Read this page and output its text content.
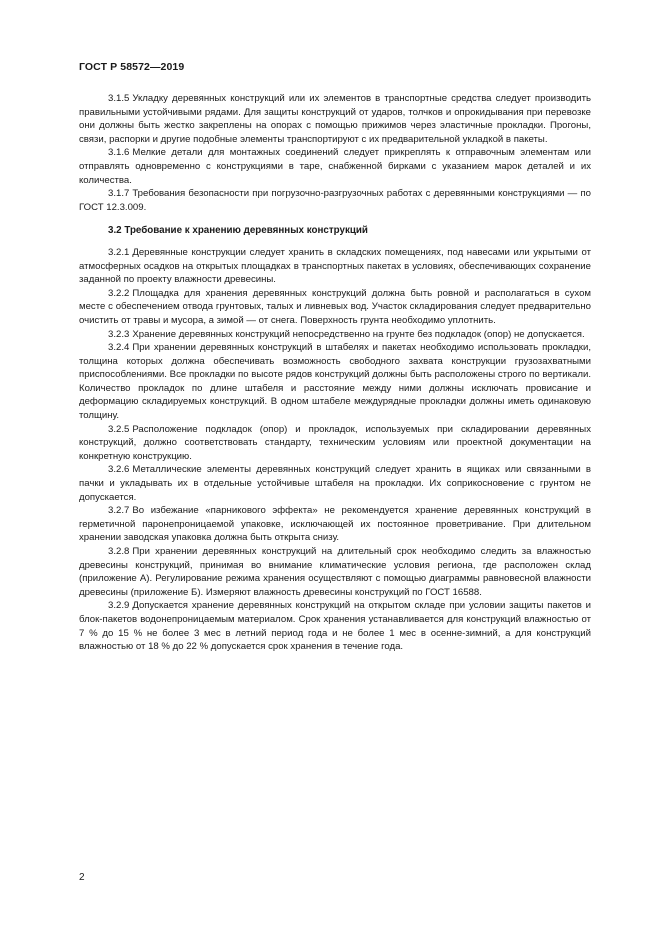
ГОСТ Р 58572—2019

3.1.5 Укладку деревянных конструкций или их элементов в транспортные средства следует производить правильными устойчивыми рядами. Для защиты конструкций от ударов, толчков и опрокидывания при перевозке они должны быть жестко закреплены на опорах с помощью прижимов через эластичные прокладки. Прогоны, связи, распорки и другие подобные элементы транспортируют с их предварительной укладкой в пакеты.

3.1.6 Мелкие детали для монтажных соединений следует прикреплять к отправочным элементам или отправлять одновременно с конструкциями в таре, снабженной бирками с указанием марок деталей и их количества.

3.1.7 Требования безопасности при погрузочно-разгрузочных работах с деревянными конструкциями — по ГОСТ 12.3.009.

3.2 Требование к хранению деревянных конструкций

3.2.1 Деревянные конструкции следует хранить в складских помещениях, под навесами или укрытыми от атмосферных осадков на открытых площадках в транспортных пакетах в условиях, обеспечивающих сохранение заданной по проекту влажности древесины.

3.2.2 Площадка для хранения деревянных конструкций должна быть ровной и располагаться в сухом месте с обеспечением отвода грунтовых, талых и ливневых вод. Участок складирования следует предварительно очистить от травы и мусора, а зимой — от снега. Поверхность грунта необходимо уплотнить.

3.2.3 Хранение деревянных конструкций непосредственно на грунте без подкладок (опор) не допускается.

3.2.4 При хранении деревянных конструкций в штабелях и пакетах необходимо использовать прокладки, толщина которых должна обеспечивать возможность свободного захвата конструкции грузозахватными приспособлениями. Все прокладки по высоте рядов конструкций должны быть расположены строго по вертикали. Количество прокладок по длине штабеля и расстояние между ними должны исключать провисание и деформацию складируемых конструкций. В одном штабеле междурядные прокладки должны иметь одинаковую толщину.

3.2.5 Расположение подкладок (опор) и прокладок, используемых при складировании деревянных конструкций, должно соответствовать стандарту, техническим условиям или проектной документации на конкретную конструкцию.

3.2.6 Металлические элементы деревянных конструкций следует хранить в ящиках или связанными в пачки и укладывать их в отдельные устойчивые штабеля на прокладки. Их соприкосновение с грунтом не допускается.

3.2.7 Во избежание «парникового эффекта» не рекомендуется хранение деревянных конструкций в герметичной паронепроницаемой упаковке, исключающей их постоянное проветривание. При длительном хранении заводская упаковка должна быть открыта снизу.

3.2.8 При хранении деревянных конструкций на длительный срок необходимо следить за влажностью древесины конструкций, принимая во внимание климатические условия региона, где расположен склад (приложение А). Регулирование режима хранения осуществляют с помощью диаграммы равновесной влажности древесины (приложение Б). Измеряют влажность древесины конструкций по ГОСТ 16588.

3.2.9 Допускается хранение деревянных конструкций на открытом складе при условии защиты пакетов и блок-пакетов водонепроницаемым материалом. Срок хранения устанавливается для конструкций влажностью от 7 % до 15 % не более 3 мес в летний период года и не более 1 мес в осенне-зимний, а для конструкций влажностью от 18 % до 22 % допускается срок хранения в течение года.

2
